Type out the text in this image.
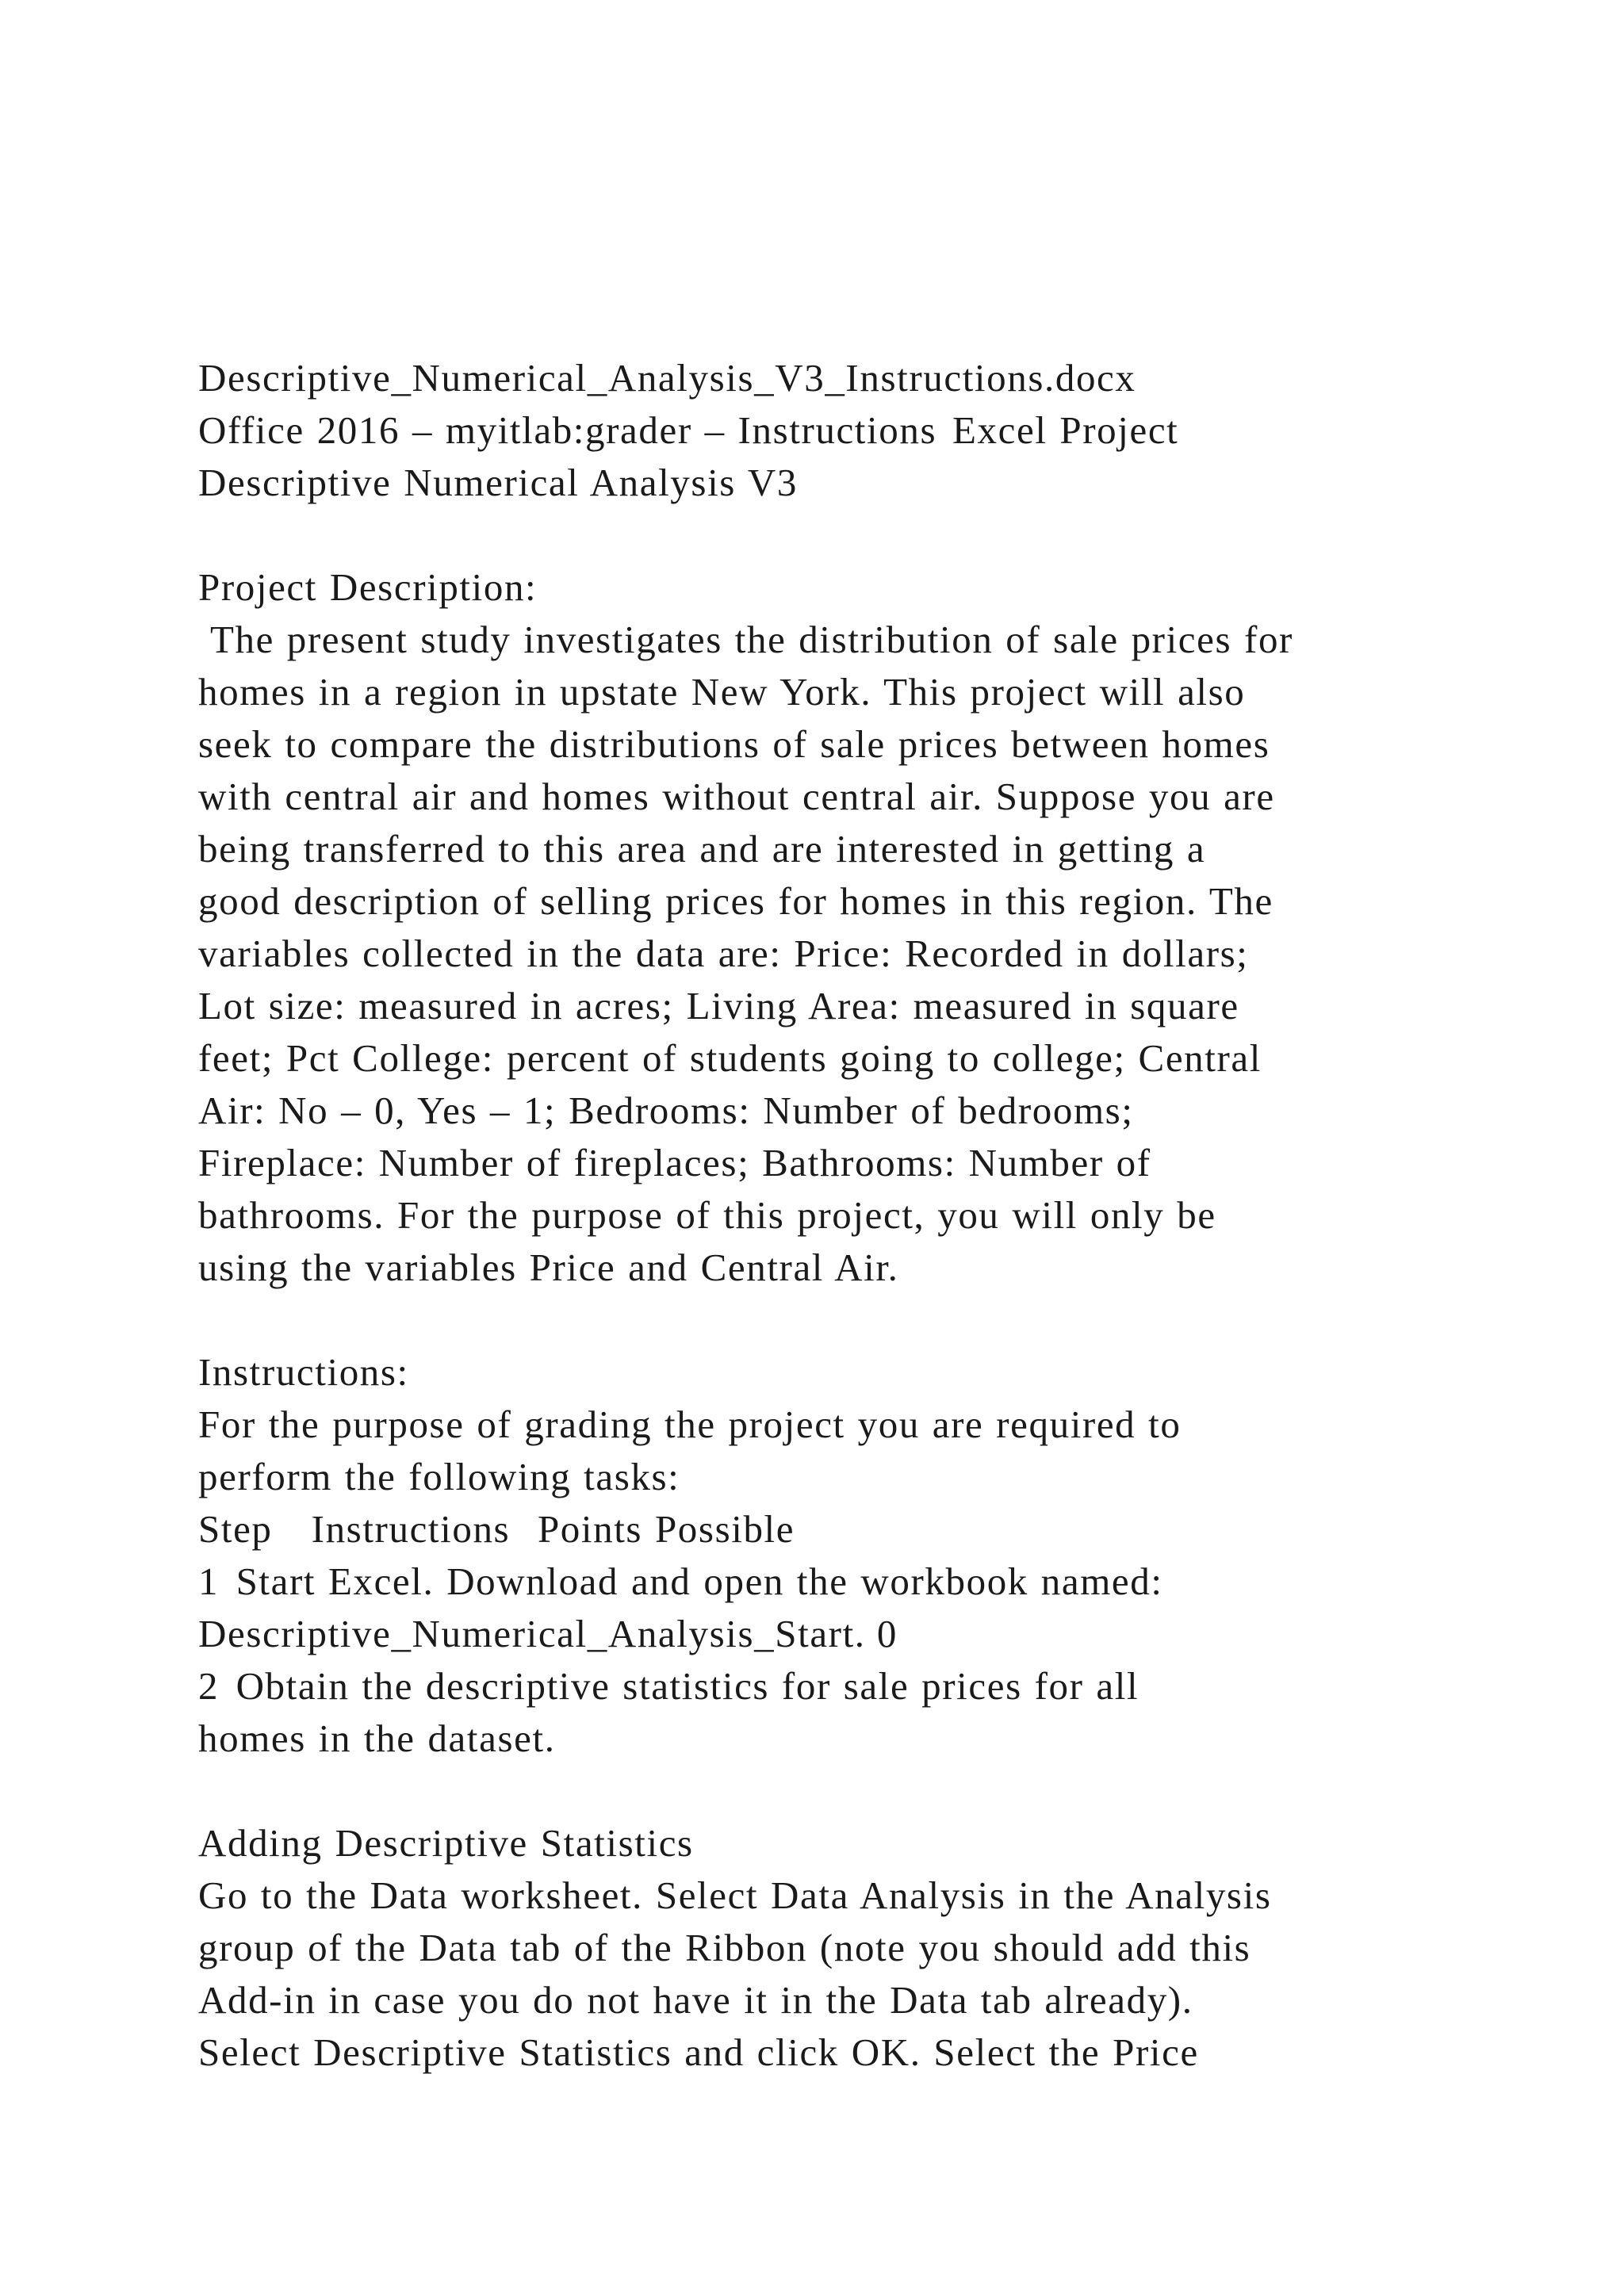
Descriptive_Numerical_Analysis_V3_Instructions.docx
Office 2016 – myitlab:grader – Instructions	Excel Project
Descriptive Numerical Analysis V3
Project Description:
The present study investigates the distribution of sale prices for
homes in a region in upstate New York. This project will also
seek to compare the distributions of sale prices between homes
with central air and homes without central air. Suppose you are
being transferred to this area and are interested in getting a
good description of selling prices for homes in this region. The
variables collected in the data are: Price: Recorded in dollars;
Lot size: measured in acres; Living Area: measured in square
feet; Pct College: percent of students going to college; Central
Air: No – 0, Yes – 1; Bedrooms: Number of bedrooms;
Fireplace: Number of fireplaces; Bathrooms: Number of
bathrooms. For the purpose of this project, you will only be
using the variables Price and Central Air.
Instructions:
For the purpose of grading the project you are required to
perform the following tasks:
Step	Instructions	Points Possible
1	Start Excel. Download and open the workbook named:
Descriptive_Numerical_Analysis_Start.	0
2	Obtain the descriptive statistics for sale prices for all
homes in the dataset.
Adding Descriptive Statistics
Go to the Data worksheet. Select Data Analysis in the Analysis
group of the Data tab of the Ribbon (note you should add this
Add-in in case you do not have it in the Data tab already).
Select Descriptive Statistics and click OK. Select the Price
